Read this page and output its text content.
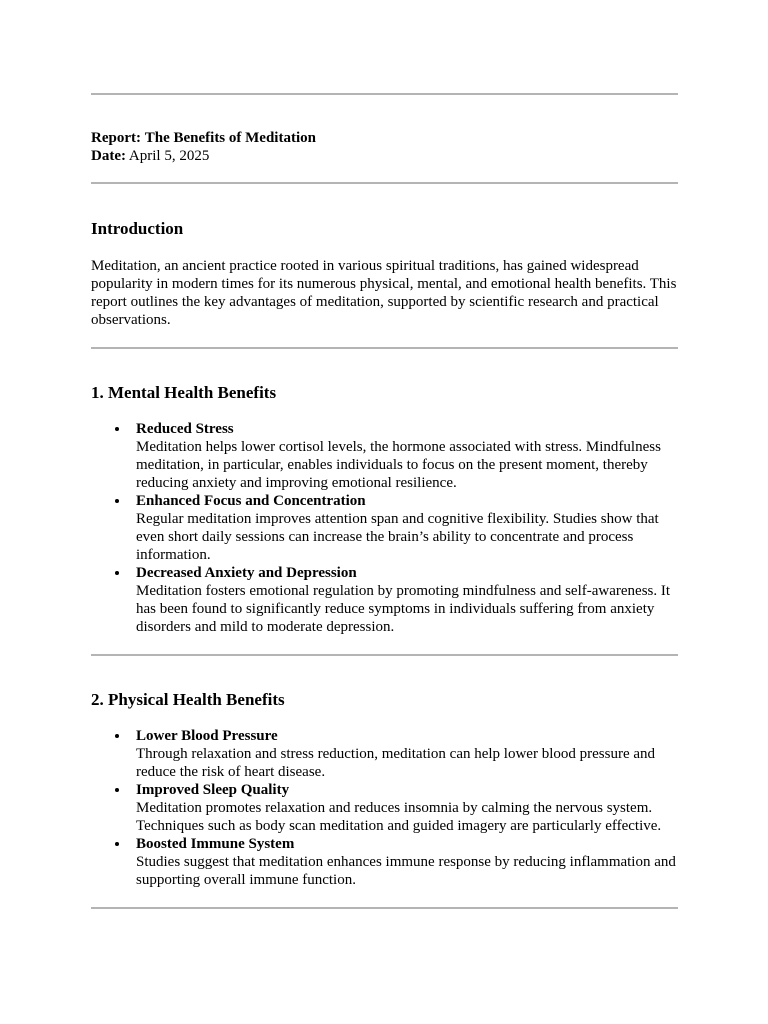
Report: The Benefits of Meditation
Date: April 5, 2025
Introduction

Meditation, an ancient practice rooted in various spiritual traditions, has gained widespread popularity in modern times for its numerous physical, mental, and emotional health benefits. This report outlines the key advantages of meditation, supported by scientific research and practical observations.

1. Mental Health Benefits
Reduced Stress
Meditation helps lower cortisol levels, the hormone associated with stress. Mindfulness meditation, in particular, enables individuals to focus on the present moment, thereby reducing anxiety and improving emotional resilience.
Enhanced Focus and Concentration
Regular meditation improves attention span and cognitive flexibility. Studies show that even short daily sessions can increase the brain’s ability to concentrate and process information.
Decreased Anxiety and Depression
Meditation fosters emotional regulation by promoting mindfulness and self-awareness. It has been found to significantly reduce symptoms in individuals suffering from anxiety disorders and mild to moderate depression.
2. Physical Health Benefits
Lower Blood Pressure
Through relaxation and stress reduction, meditation can help lower blood pressure and reduce the risk of heart disease.
Improved Sleep Quality
Meditation promotes relaxation and reduces insomnia by calming the nervous system. Techniques such as body scan meditation and guided imagery are particularly effective.
Boosted Immune System
Studies suggest that meditation enhances immune response by reducing inflammation and supporting overall immune function.
